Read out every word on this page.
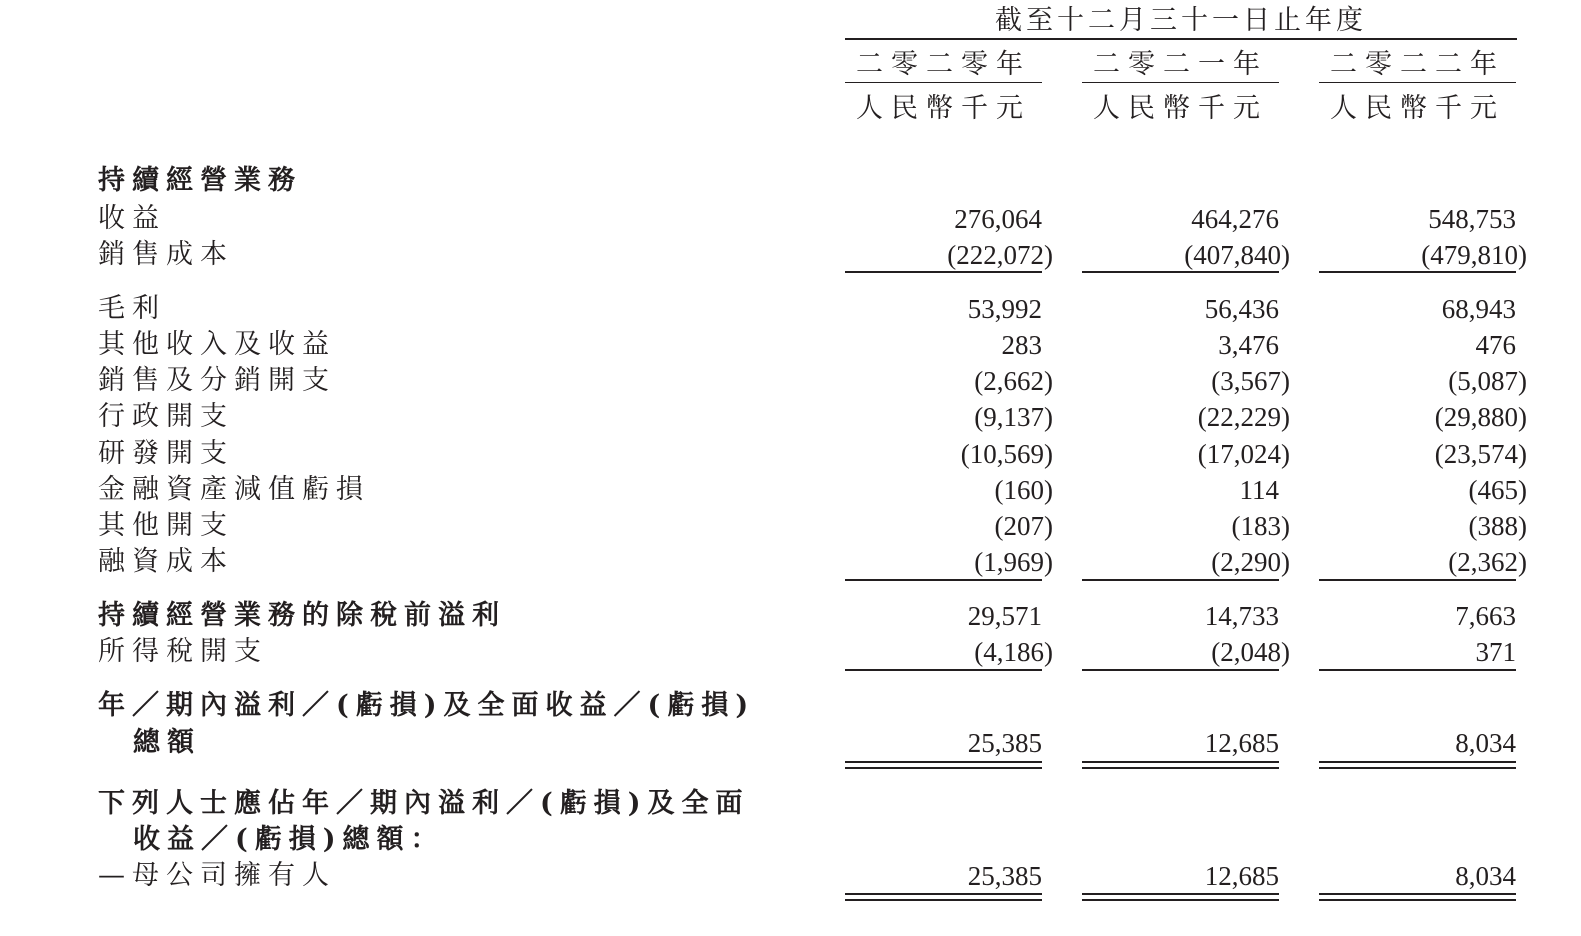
截至十二月三十一日止年度
二零二零年	二零二一年	二零二二年
人民幣千元	人民幣千元	人民幣千元
持續經營業務
收益	276,064	464,276	548,753
銷售成本	(222,072)	(407,840)	(479,810)
毛利	53,992	56,436	68,943
其他收入及收益	283	3,476	476
銷售及分銷開支	(2,662)	(3,567)	(5,087)
行政開支	(9,137)	(22,229)	(29,880)
研發開支	(10,569)	(17,024)	(23,574)
金融資產減值虧損	(160)	114	(465)
其他開支	(207)	(183)	(388)
融資成本	(1,969)	(2,290)	(2,362)
持續經營業務的除稅前溢利	29,571	14,733	7,663
所得稅開支	(4,186)	(2,048)	371
年／期內溢利／(虧損)及全面收益／(虧損)
總額	25,385	12,685	8,034
下列人士應佔年／期內溢利／(虧損)及全面
收益／(虧損)總額：
—母公司擁有人	25,385	12,685	8,034
